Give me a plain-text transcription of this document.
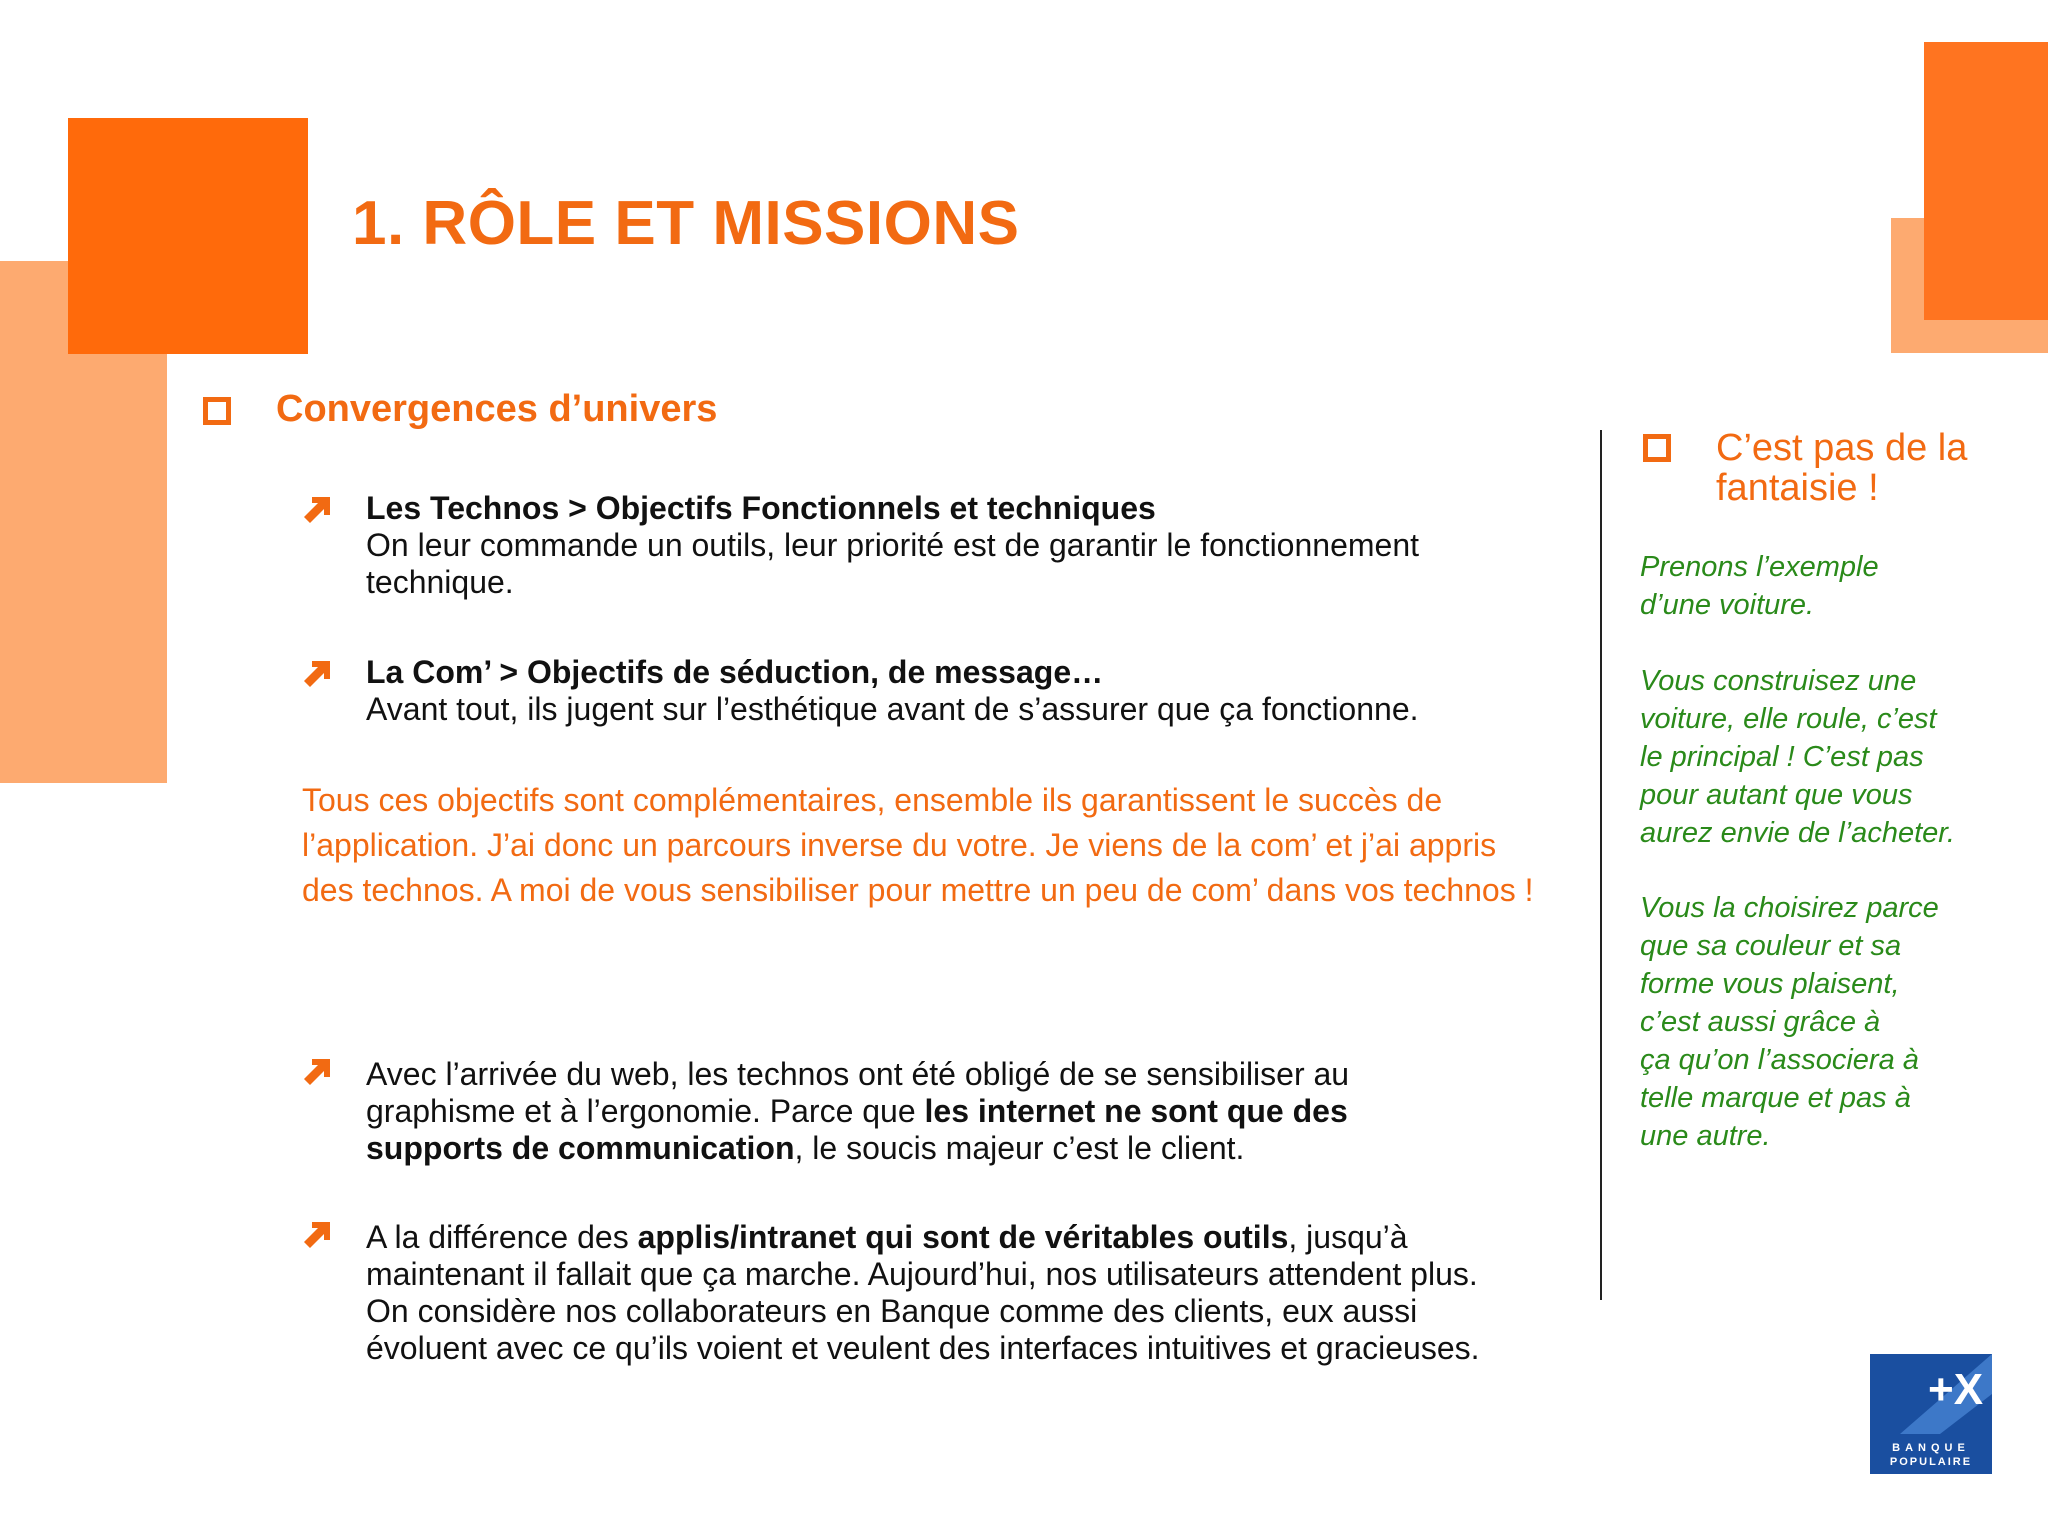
1. RÔLE ET MISSIONS
Convergences d’univers
Les Technos > Objectifs Fonctionnels et techniques
On leur commande un outils, leur priorité est de garantir le fonctionnement technique.
La Com’ > Objectifs de séduction, de message…
Avant tout, ils jugent sur l’esthétique avant de s’assurer que ça fonctionne.
Tous ces objectifs sont complémentaires, ensemble ils garantissent le succès de l’application. J’ai donc un parcours inverse du votre. Je viens de la com’ et j’ai appris des technos. A moi de vous sensibiliser pour mettre un peu de com’ dans vos technos !
Avec l’arrivée du web, les technos ont été obligé de se sensibiliser au graphisme et à l’ergonomie. Parce que les internet ne sont que des supports de communication, le soucis majeur c’est le client.
A la différence des applis/intranet qui sont de véritables outils, jusqu’à maintenant il fallait que ça marche. Aujourd’hui, nos utilisateurs attendent plus. On considère nos collaborateurs en Banque comme des clients, eux aussi évoluent avec ce qu’ils voient et veulent des interfaces intuitives et gracieuses.
C’est pas de la fantaisie !
Prenons l’exemple
d’une voiture.
Vous construisez une
voiture, elle roule, c’est
le principal ! C’est pas
pour autant que vous
aurez envie de l’acheter.
Vous la choisirez parce
que sa couleur et sa
forme vous plaisent,
c’est aussi grâce à
ça qu’on l’associera à
telle marque et pas à
une autre.
+X
BANQUE
POPULAIRE
